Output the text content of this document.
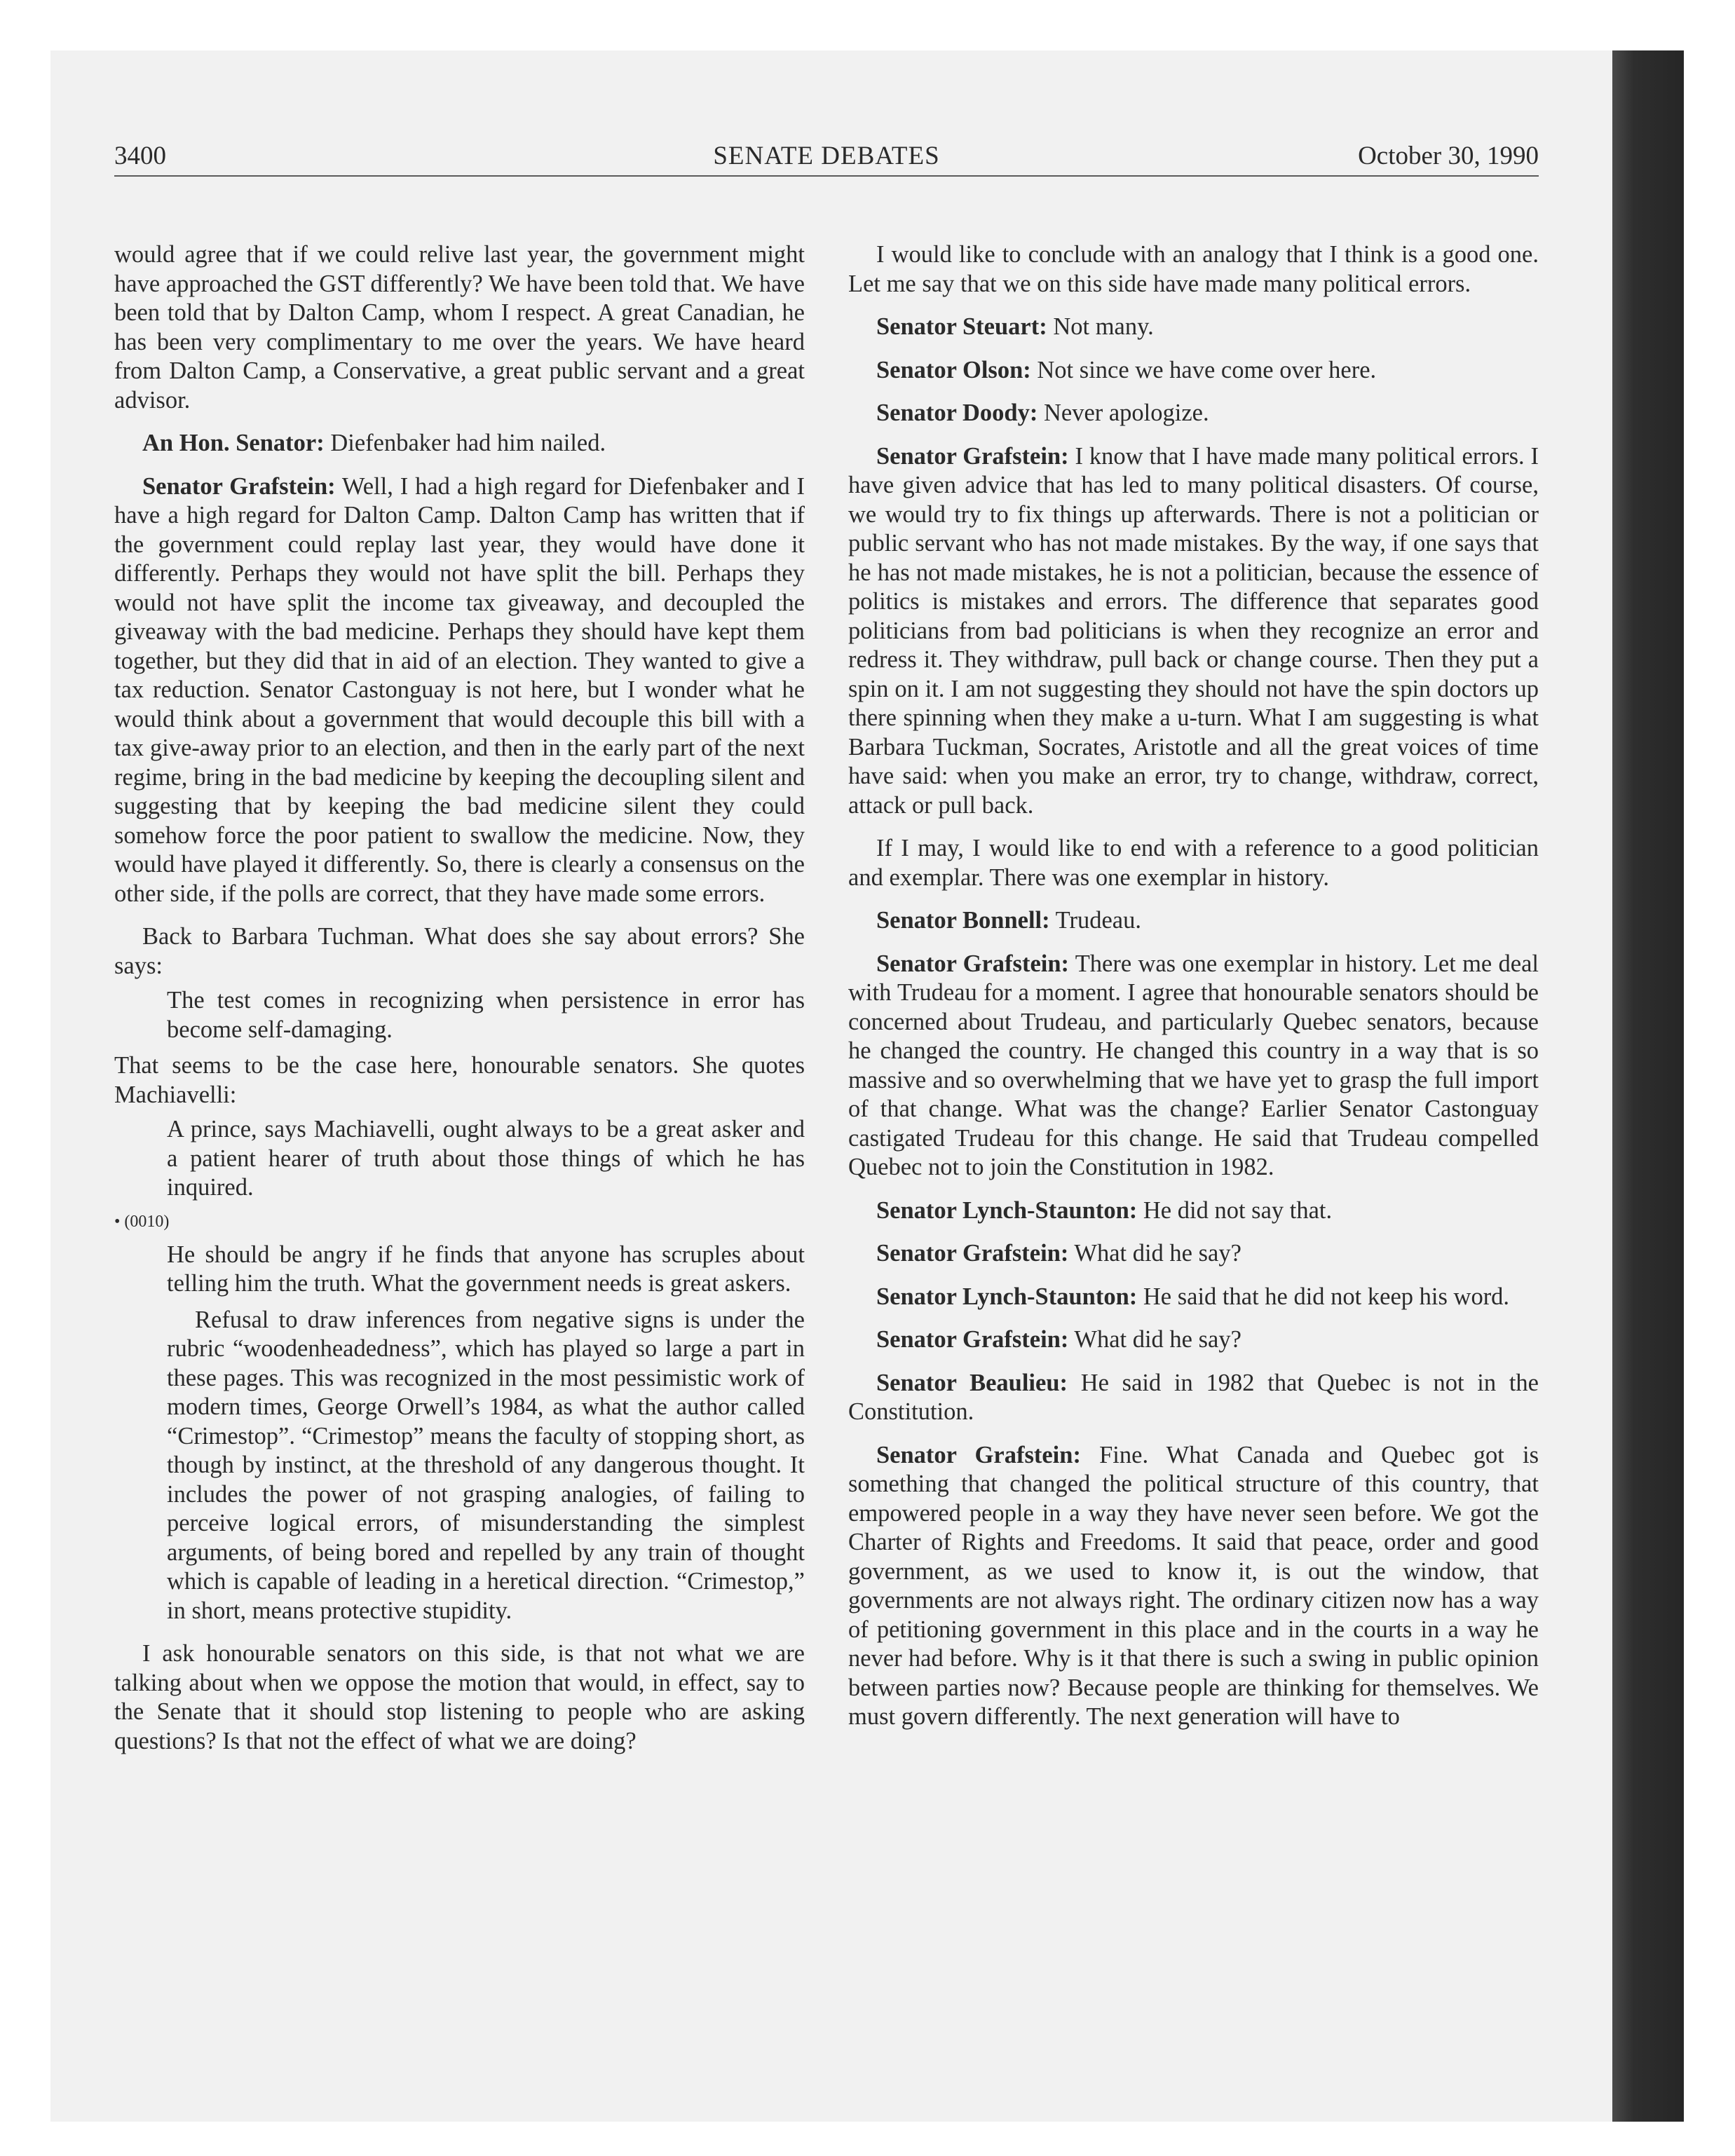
3400	SENATE DEBATES	October 30, 1990

would agree that if we could relive last year, the government might have approached the GST differently? We have been told that. We have been told that by Dalton Camp, whom I respect. A great Canadian, he has been very complimentary to me over the years. We have heard from Dalton Camp, a Conservative, a great public servant and a great advisor.

An Hon. Senator: Diefenbaker had him nailed.

Senator Grafstein: Well, I had a high regard for Diefenbaker and I have a high regard for Dalton Camp. Dalton Camp has written that if the government could replay last year, they would have done it differently. Perhaps they would not have split the bill. Perhaps they would not have split the income tax giveaway, and decoupled the giveaway with the bad medicine. Perhaps they should have kept them together, but they did that in aid of an election. They wanted to give a tax reduction. Senator Castonguay is not here, but I wonder what he would think about a government that would decouple this bill with a tax give-away prior to an election, and then in the early part of the next regime, bring in the bad medicine by keeping the decoupling silent and suggesting that by keeping the bad medicine silent they could somehow force the poor patient to swallow the medicine. Now, they would have played it differently. So, there is clearly a consensus on the other side, if the polls are correct, that they have made some errors.

Back to Barbara Tuchman. What does she say about errors? She says:

The test comes in recognizing when persistence in error has become self-damaging.

That seems to be the case here, honourable senators. She quotes Machiavelli:

A prince, says Machiavelli, ought always to be a great asker and a patient hearer of truth about those things of which he has inquired.

• (0010)

He should be angry if he finds that anyone has scruples about telling him the truth. What the government needs is great askers.

Refusal to draw inferences from negative signs is under the rubric “woodenheadedness”, which has played so large a part in these pages. This was recognized in the most pessimistic work of modern times, George Orwell’s 1984, as what the author called “Crimestop”. “Crimestop” means the faculty of stopping short, as though by instinct, at the threshold of any dangerous thought. It includes the power of not grasping analogies, of failing to perceive logical errors, of misunderstanding the simplest arguments, of being bored and repelled by any train of thought which is capable of leading in a heretical direction. “Crimestop,” in short, means protective stupidity.

I ask honourable senators on this side, is that not what we are talking about when we oppose the motion that would, in effect, say to the Senate that it should stop listening to people who are asking questions? Is that not the effect of what we are doing?

I would like to conclude with an analogy that I think is a good one. Let me say that we on this side have made many political errors.

Senator Steuart: Not many.

Senator Olson: Not since we have come over here.

Senator Doody: Never apologize.

Senator Grafstein: I know that I have made many political errors. I have given advice that has led to many political disasters. Of course, we would try to fix things up afterwards. There is not a politician or public servant who has not made mistakes. By the way, if one says that he has not made mistakes, he is not a politician, because the essence of politics is mistakes and errors. The difference that separates good politicians from bad politicians is when they recognize an error and redress it. They withdraw, pull back or change course. Then they put a spin on it. I am not suggesting they should not have the spin doctors up there spinning when they make a u-turn. What I am suggesting is what Barbara Tuckman, Socrates, Aristotle and all the great voices of time have said: when you make an error, try to change, withdraw, correct, attack or pull back.

If I may, I would like to end with a reference to a good politician and exemplar. There was one exemplar in history.

Senator Bonnell: Trudeau.

Senator Grafstein: There was one exemplar in history. Let me deal with Trudeau for a moment. I agree that honourable senators should be concerned about Trudeau, and particularly Quebec senators, because he changed the country. He changed this country in a way that is so massive and so overwhelming that we have yet to grasp the full import of that change. What was the change? Earlier Senator Castonguay castigated Trudeau for this change. He said that Trudeau compelled Quebec not to join the Constitution in 1982.

Senator Lynch-Staunton: He did not say that.

Senator Grafstein: What did he say?

Senator Lynch-Staunton: He said that he did not keep his word.

Senator Grafstein: What did he say?

Senator Beaulieu: He said in 1982 that Quebec is not in the Constitution.

Senator Grafstein: Fine. What Canada and Quebec got is something that changed the political structure of this country, that empowered people in a way they have never seen before. We got the Charter of Rights and Freedoms. It said that peace, order and good government, as we used to know it, is out the window, that governments are not always right. The ordinary citizen now has a way of petitioning government in this place and in the courts in a way he never had before. Why is it that there is such a swing in public opinion between parties now? Because people are thinking for themselves. We must govern differently. The next generation will have to
